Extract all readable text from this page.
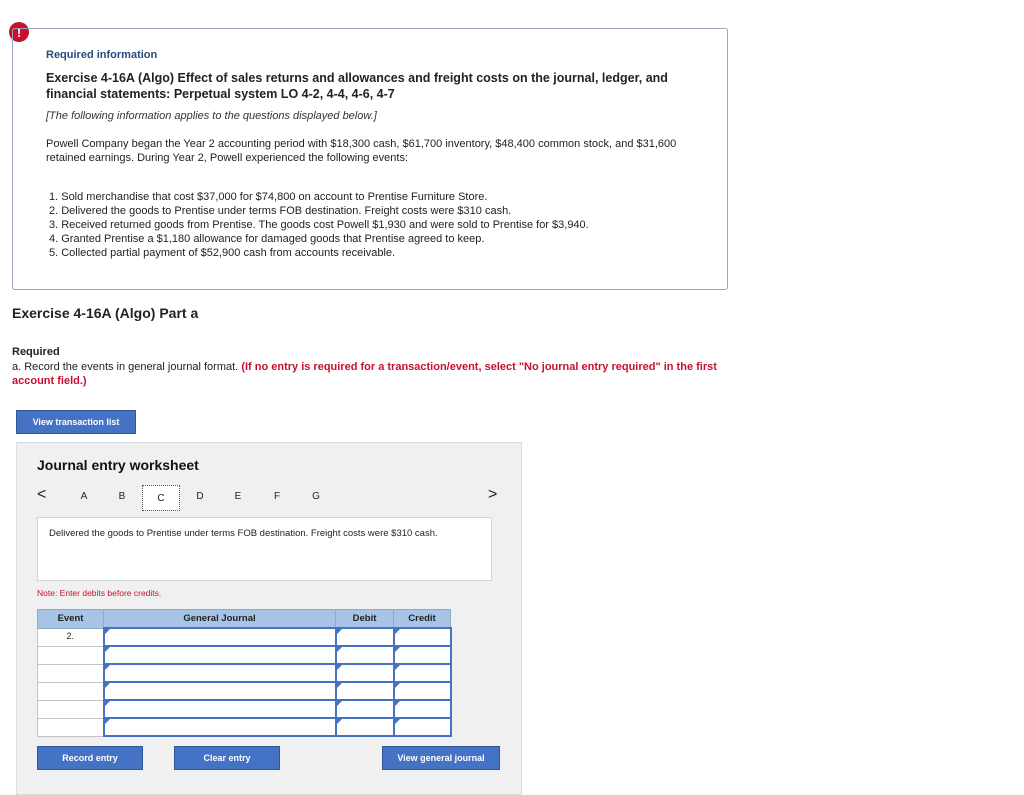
!
Required information
Exercise 4-16A (Algo) Effect of sales returns and allowances and freight costs on the journal, ledger, and financial statements: Perpetual system LO 4-2, 4-4, 4-6, 4-7
[The following information applies to the questions displayed below.]
Powell Company began the Year 2 accounting period with $18,300 cash, $61,700 inventory, $48,400 common stock, and $31,600 retained earnings. During Year 2, Powell experienced the following events:
1. Sold merchandise that cost $37,000 for $74,800 on account to Prentise Furniture Store.
2. Delivered the goods to Prentise under terms FOB destination. Freight costs were $310 cash.
3. Received returned goods from Prentise. The goods cost Powell $1,930 and were sold to Prentise for $3,940.
4. Granted Prentise a $1,180 allowance for damaged goods that Prentise agreed to keep.
5. Collected partial payment of $52,900 cash from accounts receivable.
Exercise 4-16A (Algo) Part a
Required
a. Record the events in general journal format. (If no entry is required for a transaction/event, select "No journal entry required" in the first account field.)
View transaction list
Journal entry worksheet
<	A	B	C	D	E	F	G	>
Delivered the goods to Prentise under terms FOB destination. Freight costs were $310 cash.
Note: Enter debits before credits.
Event	General Journal	Debit	Credit
2.			

Record entry	Clear entry	View general journal
